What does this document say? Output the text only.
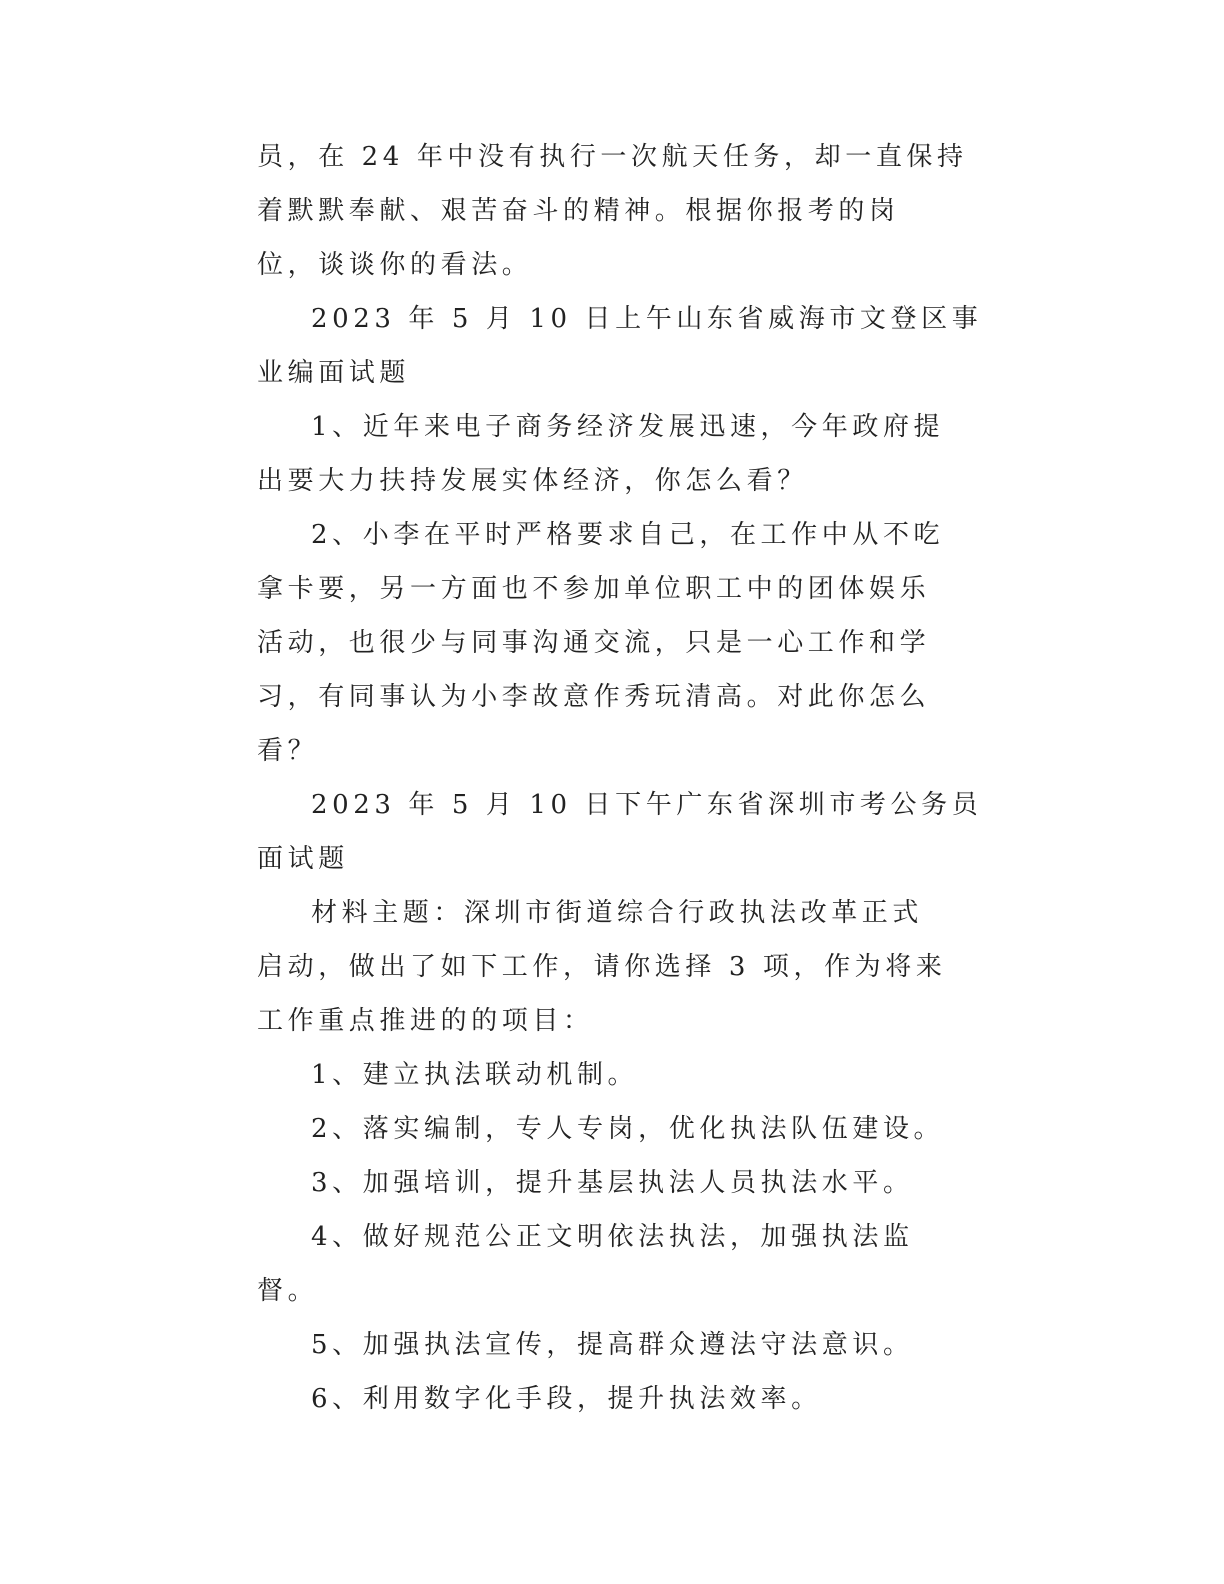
员，在 24 年中没有执行一次航天任务，却一直保持
着默默奉献、艰苦奋斗的精神。根据你报考的岗
位，谈谈你的看法。
2023 年 5 月 10 日上午山东省威海市文登区事
业编面试题
1、近年来电子商务经济发展迅速，今年政府提
出要大力扶持发展实体经济，你怎么看？
2、小李在平时严格要求自己，在工作中从不吃
拿卡要，另一方面也不参加单位职工中的团体娱乐
活动，也很少与同事沟通交流，只是一心工作和学
习，有同事认为小李故意作秀玩清高。对此你怎么
看？
2023 年 5 月 10 日下午广东省深圳市考公务员
面试题
材料主题：深圳市街道综合行政执法改革正式
启动，做出了如下工作，请你选择 3 项，作为将来
工作重点推进的的项目：
1、建立执法联动机制。
2、落实编制，专人专岗，优化执法队伍建设。
3、加强培训，提升基层执法人员执法水平。
4、做好规范公正文明依法执法，加强执法监
督。
5、加强执法宣传，提高群众遵法守法意识。
6、利用数字化手段，提升执法效率。
